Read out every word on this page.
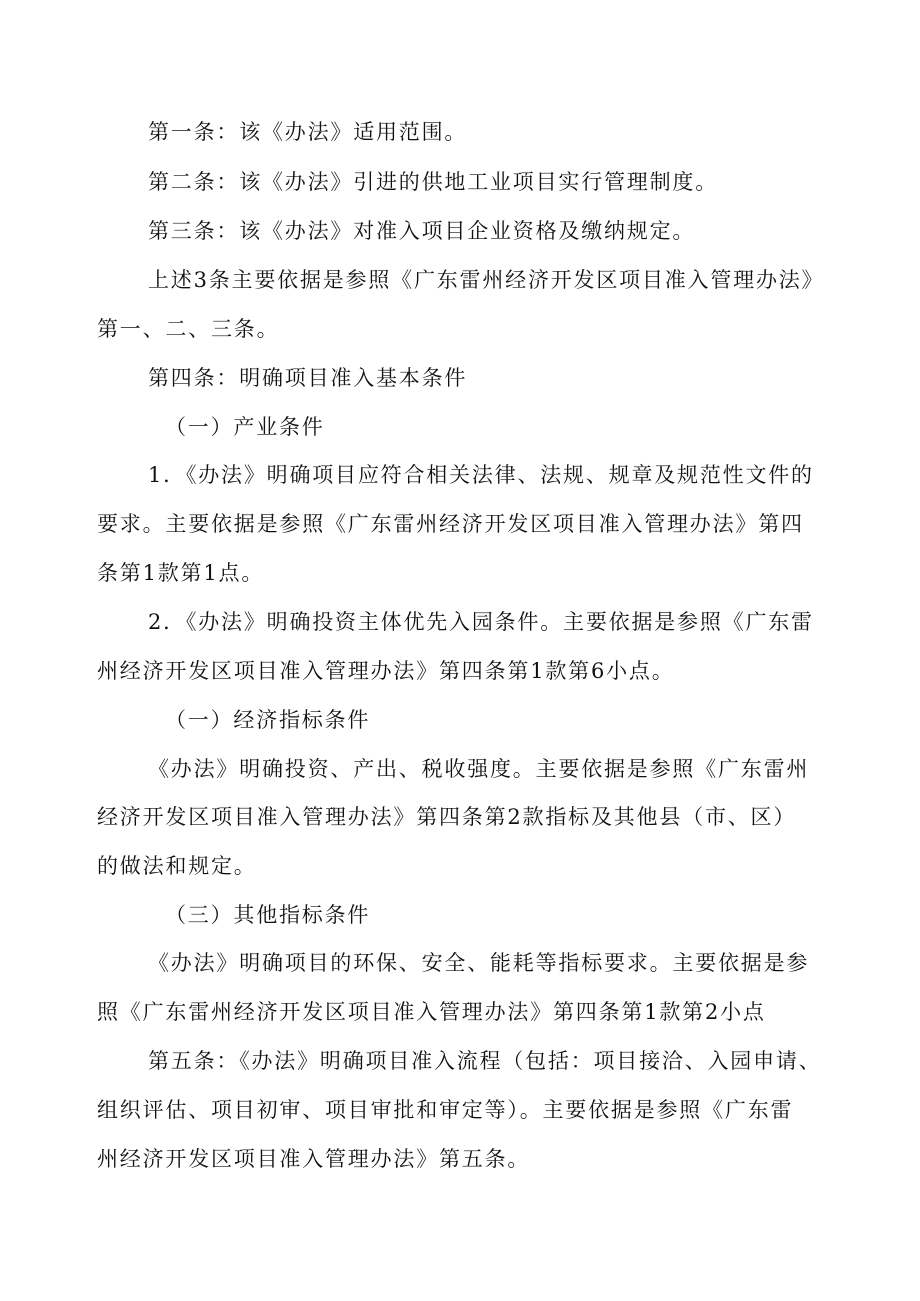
第一条：该《办法》适用范围。
第二条：该《办法》引进的供地工业项目实行管理制度。
第三条：该《办法》对准入项目企业资格及缴纳规定。
上述3条主要依据是参照《广东雷州经济开发区项目准入管理办法》
第一、二、三条。
第四条：明确项目准入基本条件
（一）产业条件
1．《办法》明确项目应符合相关法律、法规、规章及规范性文件的
要求。主要依据是参照《广东雷州经济开发区项目准入管理办法》第四
条第1款第1点。
2．《办法》明确投资主体优先入园条件。主要依据是参照《广东雷
州经济开发区项目准入管理办法》第四条第1款第6小点。
（一）经济指标条件
《办法》明确投资、产出、税收强度。主要依据是参照《广东雷州
经济开发区项目准入管理办法》第四条第2款指标及其他县（市、区）
的做法和规定。
（三）其他指标条件
《办法》明确项目的环保、安全、能耗等指标要求。主要依据是参
照《广东雷州经济开发区项目准入管理办法》第四条第1款第2小点
第五条：《办法》明确项目准入流程（包括：项目接洽、入园申请、
组织评估、项目初审、项目审批和审定等）。主要依据是参照《广东雷
州经济开发区项目准入管理办法》第五条。
